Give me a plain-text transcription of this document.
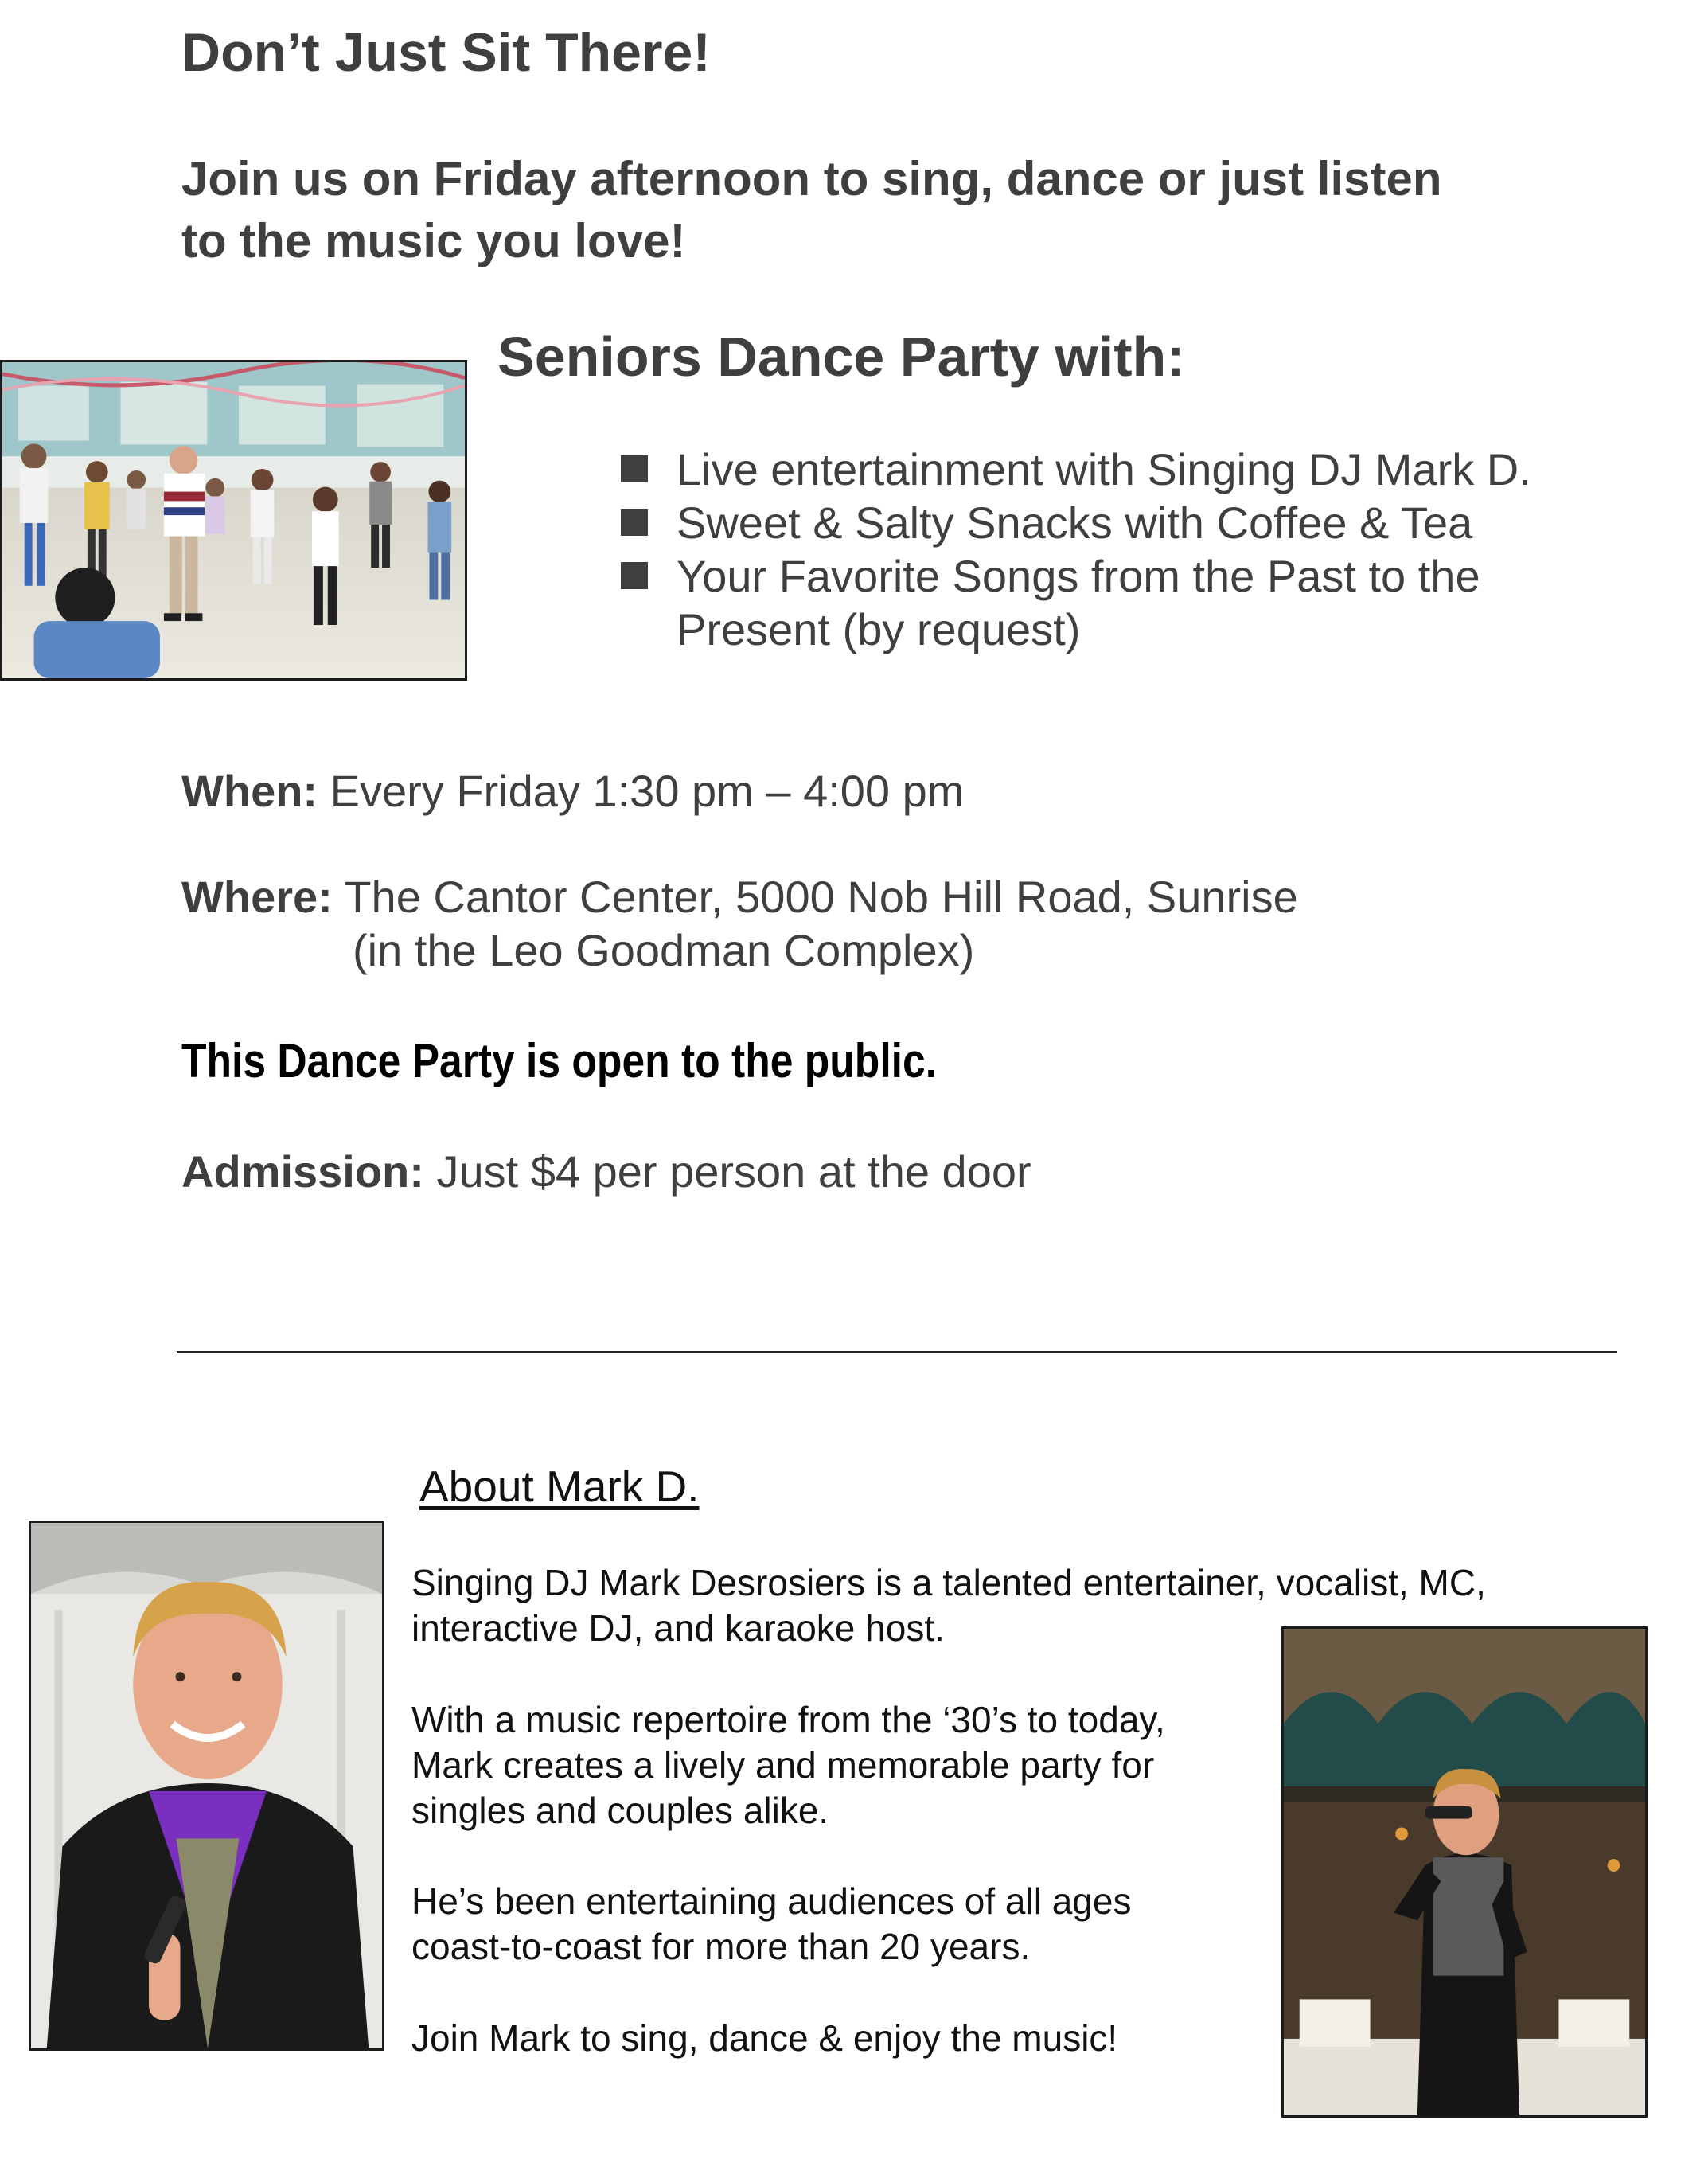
Don’t Just Sit There!
Join us on Friday afternoon to sing, dance or just listen
to the music you love!
Seniors Dance Party with:
Live entertainment with Singing DJ Mark D.
Sweet & Salty Snacks with Coffee & Tea
Your Favorite Songs from the Past to the
Present (by request)
When: Every Friday 1:30 pm – 4:00 pm
Where: The Cantor Center, 5000 Nob Hill Road, Sunrise
(in the Leo Goodman Complex)
This Dance Party is open to the public.
Admission: Just $4 per person at the door
About Mark D.
Singing DJ Mark Desrosiers is a talented entertainer, vocalist, MC,
interactive DJ, and karaoke host.
With a music repertoire from the ‘30’s to today,
Mark creates a lively and memorable party for
singles and couples alike.
He’s been entertaining audiences of all ages
coast-to-coast for more than 20 years.
Join Mark to sing, dance & enjoy the music!
